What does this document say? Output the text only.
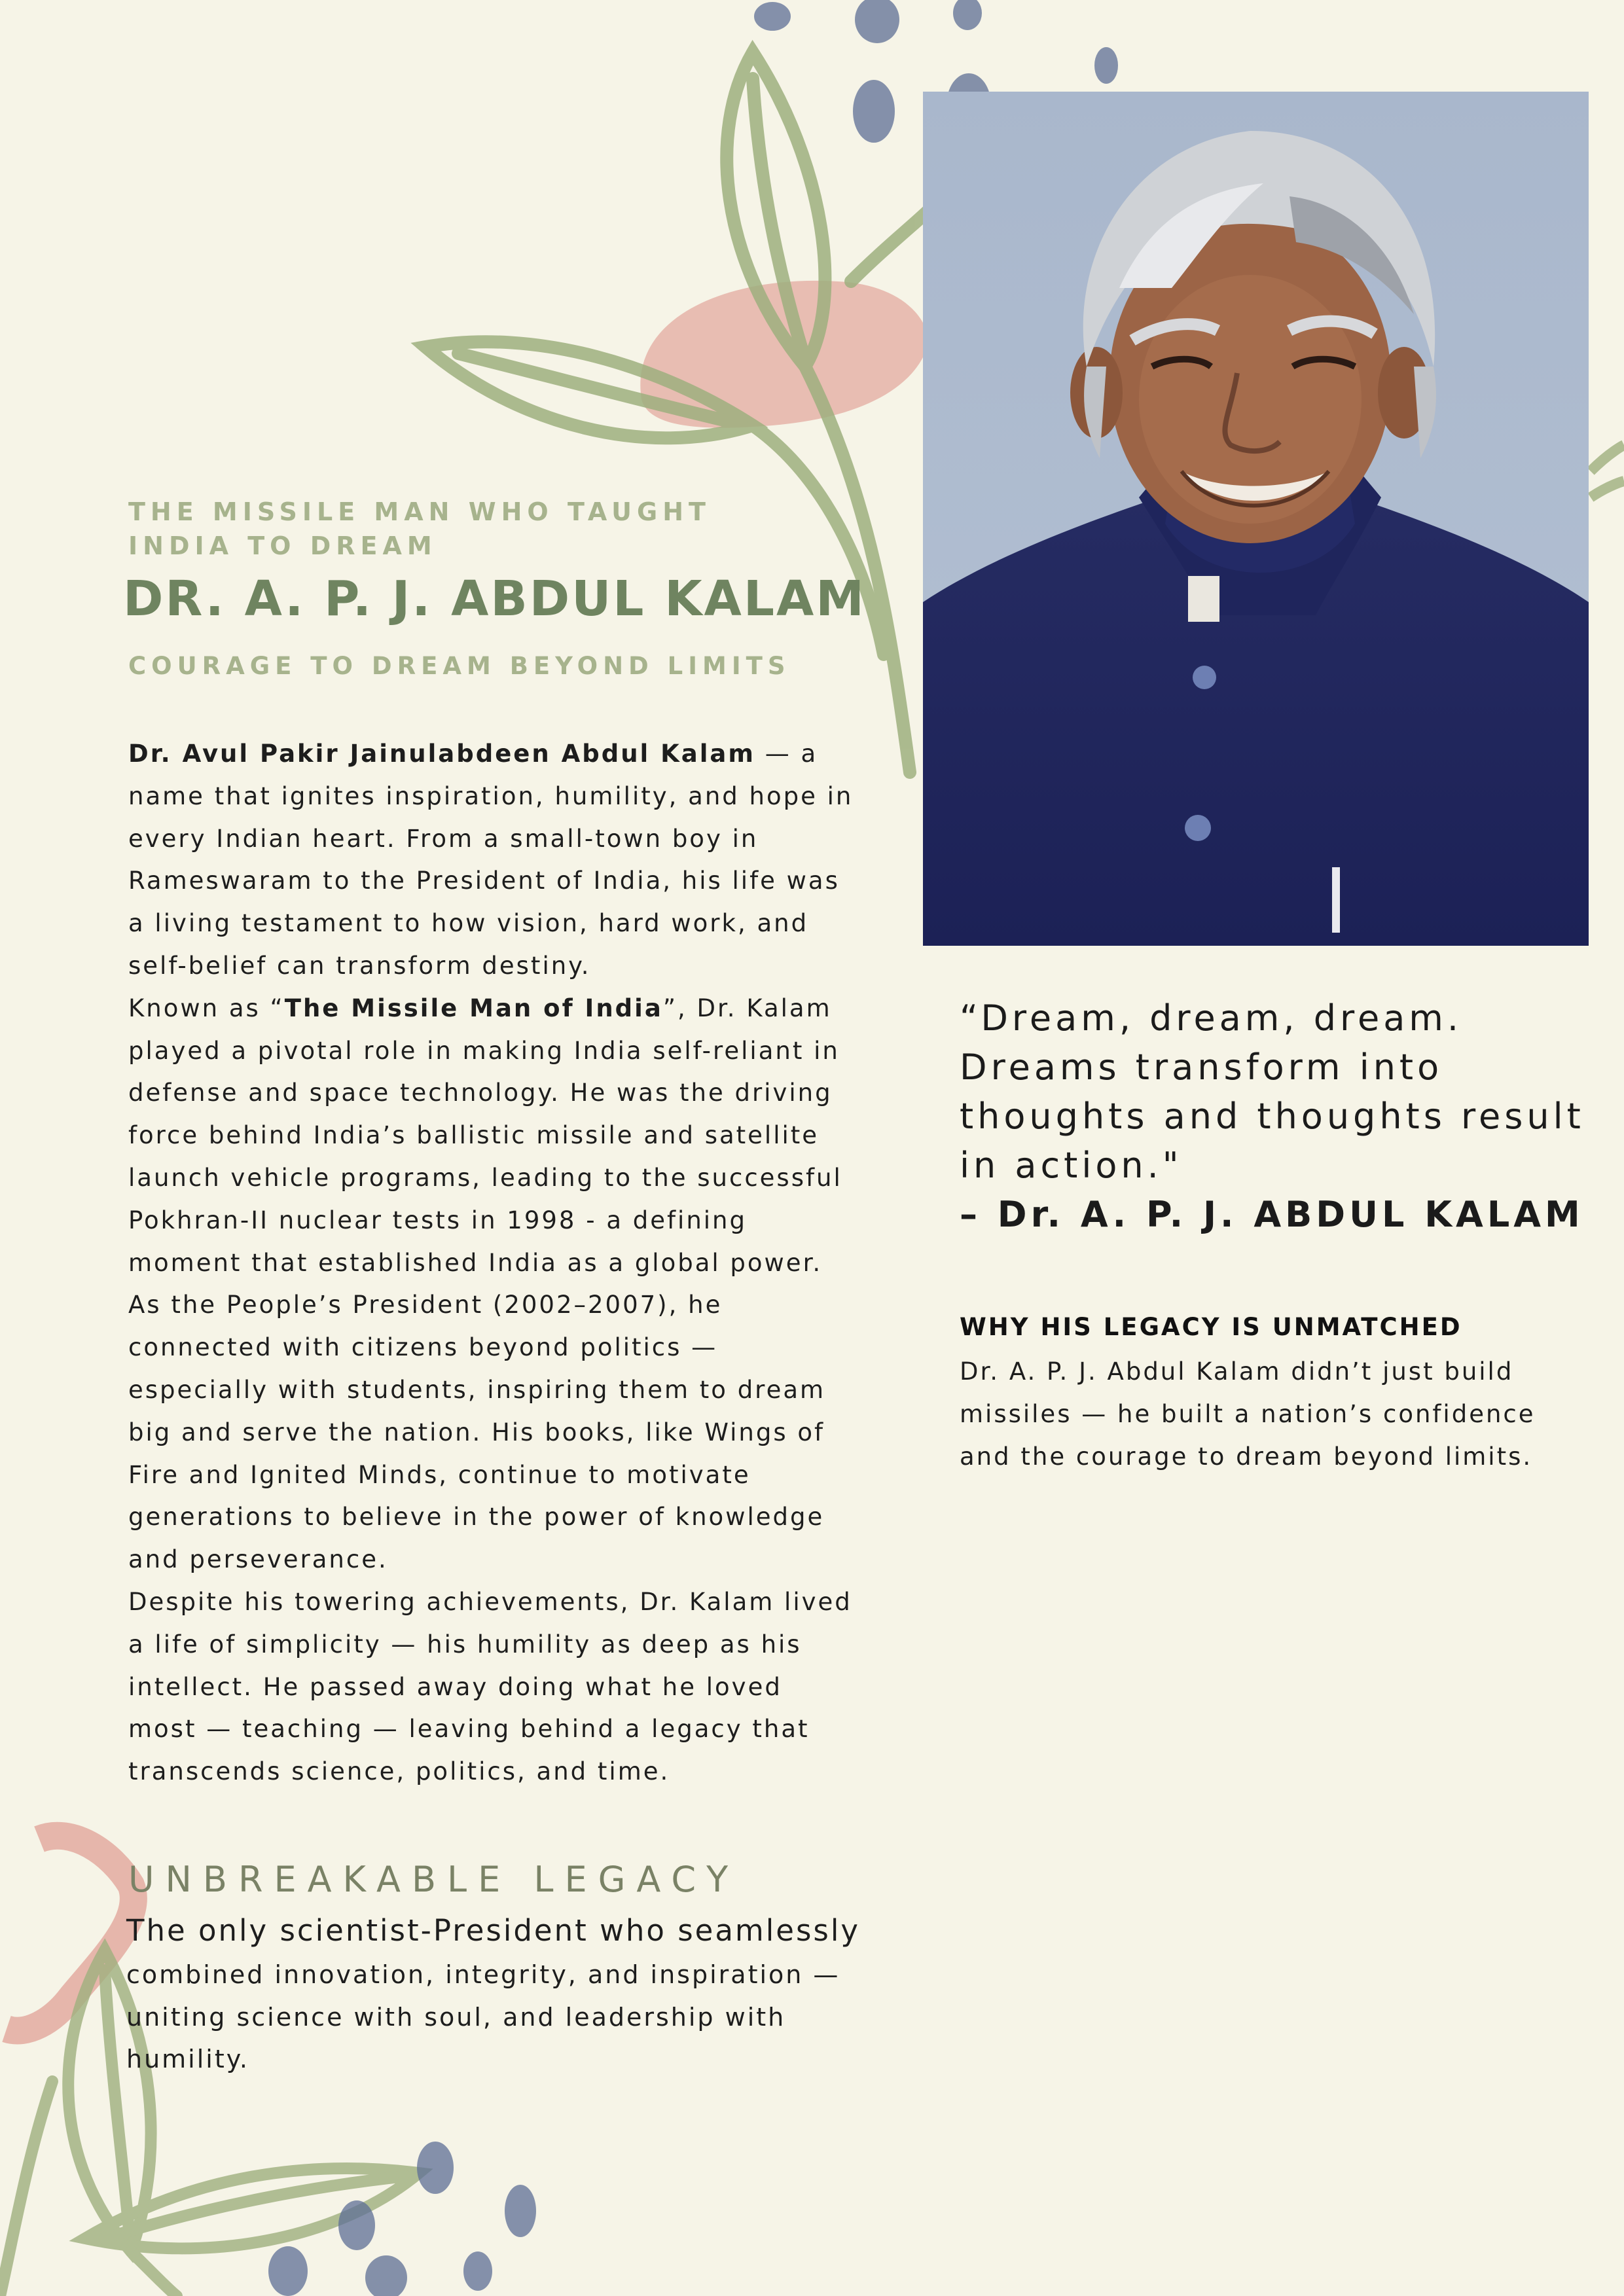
THE MISSILE MAN WHO TAUGHT INDIA TO DREAM
DR. A. P. J. ABDUL KALAM
COURAGE TO DREAM BEYOND LIMITS

Dr. Avul Pakir Jainulabdeen Abdul Kalam — a name that ignites inspiration, humility, and hope in every Indian heart. From a small-town boy in Rameswaram to the President of India, his life was a living testament to how vision, hard work, and self-belief can transform destiny.

Known as “The Missile Man of India”, Dr. Kalam played a pivotal role in making India self-reliant in defense and space technology. He was the driving force behind India’s ballistic missile and satellite launch vehicle programs, leading to the successful Pokhran-II nuclear tests in 1998 - a defining moment that established India as a global power.

As the People’s President (2002–2007), he connected with citizens beyond politics — especially with students, inspiring them to dream big and serve the nation. His books, like Wings of Fire and Ignited Minds, continue to motivate generations to believe in the power of knowledge and perseverance.

Despite his towering achievements, Dr. Kalam lived a life of simplicity — his humility as deep as his intellect. He passed away doing what he loved most — teaching — leaving behind a legacy that transcends science, politics, and time.

UNBREAKABLE LEGACY

The only scientist-President who seamlessly combined innovation, integrity, and inspiration — uniting science with soul, and leadership with humility.

“Dream, dream, dream. Dreams transform into thoughts and thoughts result in action."
– Dr. A. P. J. ABDUL KALAM

WHY HIS LEGACY IS UNMATCHED

Dr. A. P. J. Abdul Kalam didn’t just build missiles — he built a nation’s confidence and the courage to dream beyond limits.
